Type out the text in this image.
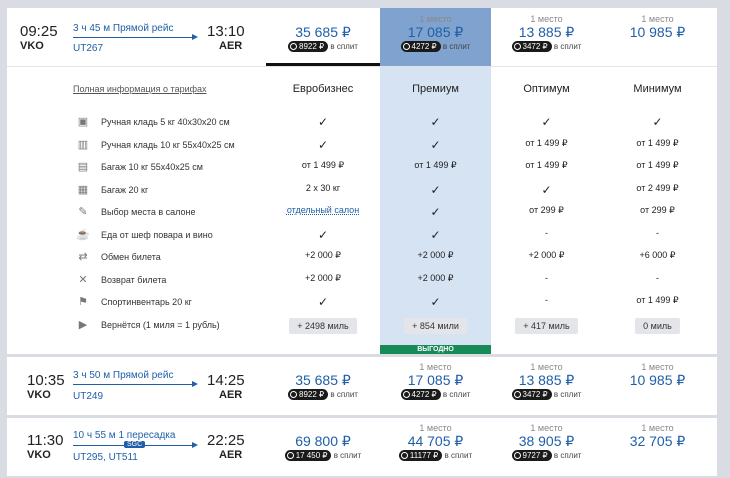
09:25
VKO
3 ч 45 м Прямой рейс
UT267
13:10
AER
35 685 ₽
8922 ₽ в сплит
1 место
17 085 ₽
4272 ₽ в сплит
1 место
13 885 ₽
3472 ₽ в сплит
1 место
10 985 ₽
Полная информация о тарифах	Евробизнес	Премиум	Оптимум	Минимум
▣ Ручная кладь 5 кг 40х30х20 см	✓	✓	✓	✓
▥ Ручная кладь 10 кг 55х40х25 см	✓	✓	от 1 499 ₽	от 1 499 ₽
▤ Багаж 10 кг 55х40х25 см	от 1 499 ₽	от 1 499 ₽	от 1 499 ₽	от 1 499 ₽
▦ Багаж 20 кг	2 х 30 кг	✓	✓	от 2 499 ₽
✎ Выбор места в салоне	отдельный салон	✓	от 299 ₽	от 299 ₽
☕ Еда от шеф повара и вино	✓	✓	-	-
⇄ Обмен билета	+2 000 ₽	+2 000 ₽	+2 000 ₽	+6 000 ₽
✕ Возврат билета	+2 000 ₽	+2 000 ₽	-	-
⚑ Спортинвентарь 20 кг	✓	✓	-	от 1 499 ₽
▶	Вернётся (1 миля = 1 рубль)	+ 2498 миль	+ 854 мили	+ 417 миль	0 миль
ВЫГОДНО
10:35
VKO
3 ч 50 м Прямой рейс
UT249
14:25
AER
35 685 ₽
8922 ₽ в сплит
1 место
17 085 ₽
4272 ₽ в сплит
1 место
13 885 ₽
3472 ₽ в сплит
1 место
10 985 ₽
11:30
VKO
10 ч 55 м 1 пересадка
SGC
UT295, UT511
22:25
AER
69 800 ₽
17 450 ₽ в сплит
1 место
44 705 ₽
11177 ₽ в сплит
1 место
38 905 ₽
9727 ₽ в сплит
1 место
32 705 ₽
